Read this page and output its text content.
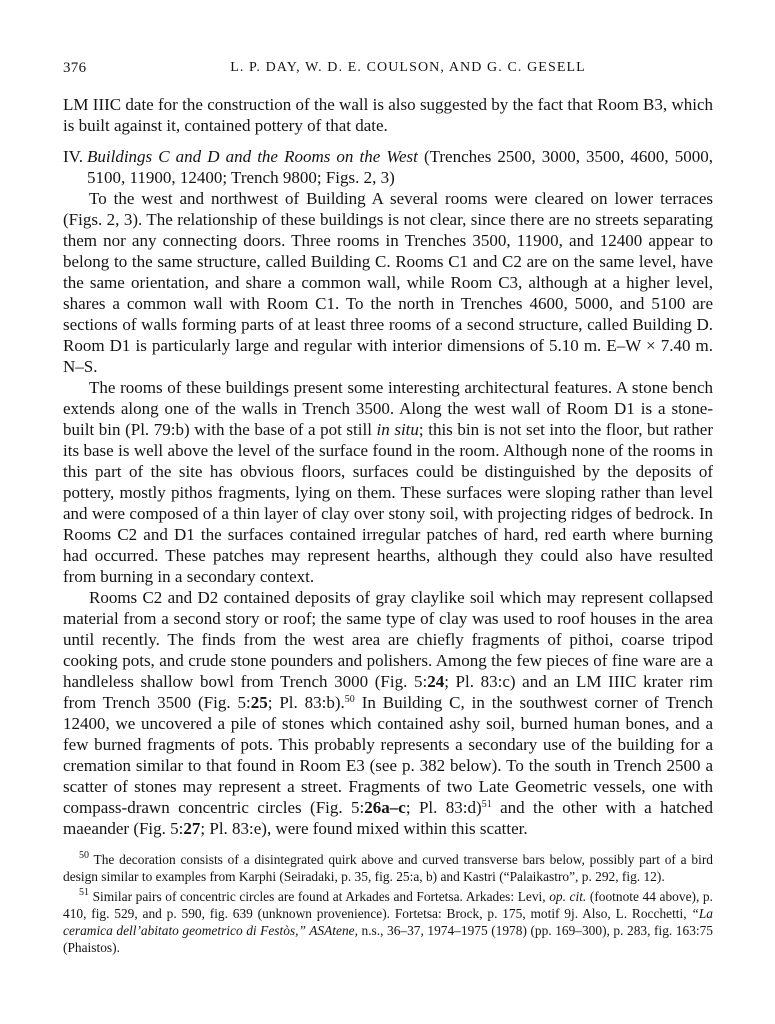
376	L. P. DAY, W. D. E. COULSON, AND G. C. GESELL

LM IIIC date for the construction of the wall is also suggested by the fact that Room B3, which is built against it, contained pottery of that date.

IV. Buildings C and D and the Rooms on the West (Trenches 2500, 3000, 3500, 4600, 5000, 5100, 11900, 12400; Trench 9800; Figs. 2, 3)

To the west and northwest of Building A several rooms were cleared on lower terraces (Figs. 2, 3). The relationship of these buildings is not clear, since there are no streets separating them nor any connecting doors. Three rooms in Trenches 3500, 11900, and 12400 appear to belong to the same structure, called Building C. Rooms C1 and C2 are on the same level, have the same orientation, and share a common wall, while Room C3, although at a higher level, shares a common wall with Room C1. To the north in Trenches 4600, 5000, and 5100 are sections of walls forming parts of at least three rooms of a second structure, called Building D. Room D1 is particularly large and regular with interior dimensions of 5.10 m. E–W × 7.40 m. N–S.

The rooms of these buildings present some interesting architectural features. A stone bench extends along one of the walls in Trench 3500. Along the west wall of Room D1 is a stone-built bin (Pl. 79:b) with the base of a pot still in situ; this bin is not set into the floor, but rather its base is well above the level of the surface found in the room. Although none of the rooms in this part of the site has obvious floors, surfaces could be distinguished by the deposits of pottery, mostly pithos fragments, lying on them. These surfaces were sloping rather than level and were composed of a thin layer of clay over stony soil, with projecting ridges of bedrock. In Rooms C2 and D1 the surfaces contained irregular patches of hard, red earth where burning had occurred. These patches may represent hearths, although they could also have resulted from burning in a secondary context.

Rooms C2 and D2 contained deposits of gray claylike soil which may represent collapsed material from a second story or roof; the same type of clay was used to roof houses in the area until recently. The finds from the west area are chiefly fragments of pithoi, coarse tripod cooking pots, and crude stone pounders and polishers. Among the few pieces of fine ware are a handleless shallow bowl from Trench 3000 (Fig. 5:24; Pl. 83:c) and an LM IIIC krater rim from Trench 3500 (Fig. 5:25; Pl. 83:b).$^{50}$ In Building C, in the southwest corner of Trench 12400, we uncovered a pile of stones which contained ashy soil, burned human bones, and a few burned fragments of pots. This probably represents a secondary use of the building for a cremation similar to that found in Room E3 (see p. 382 below). To the south in Trench 2500 a scatter of stones may represent a street. Fragments of two Late Geometric vessels, one with compass-drawn concentric circles (Fig. 5:26a–c; Pl. 83:d)$^{51}$ and the other with a hatched maeander (Fig. 5:27; Pl. 83:e), were found mixed within this scatter.

$^{50}$ The decoration consists of a disintegrated quirk above and curved transverse bars below, possibly part of a bird design similar to examples from Karphi (Seiradaki, p. 35, fig. 25:a, b) and Kastri (“Palaikastro”, p. 292, fig. 12).

$^{51}$ Similar pairs of concentric circles are found at Arkades and Fortetsa. Arkades: Levi, op. cit. (footnote 44 above), p. 410, fig. 529, and p. 590, fig. 639 (unknown provenience). Fortetsa: Brock, p. 175, motif 9j. Also, L. Rocchetti, “La ceramica dell’abitato geometrico di Festòs,” ASAtene, n.s., 36–37, 1974–1975 (1978) (pp. 169–300), p. 283, fig. 163:75 (Phaistos).
